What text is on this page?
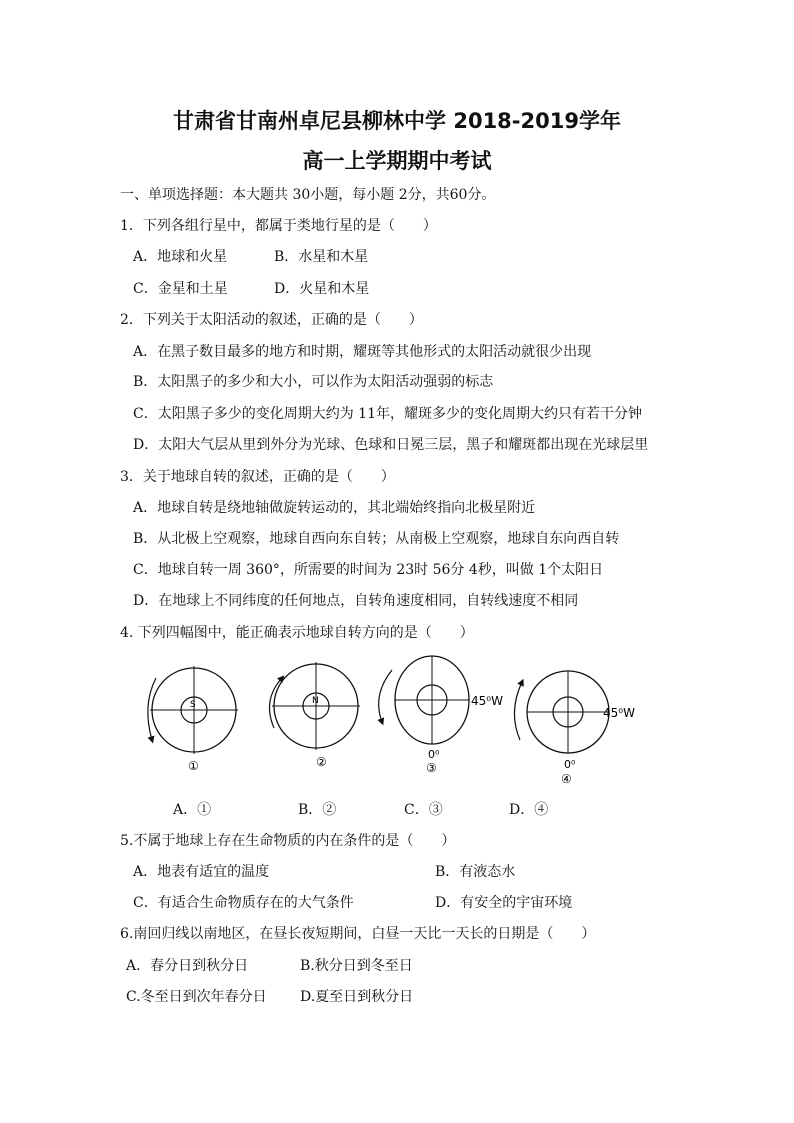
甘肃省甘南州卓尼县柳林中学 2018-2019学年
高一上学期期中考试
一、单项选择题：本大题共 30小题，每小题 2分，共60分。
1．下列各组行星中，都属于类地行星的是（　　）
A．地球和火星	B．水星和木星
C．金星和土星	D．火星和木星
2．下列关于太阳活动的叙述，正确的是（　　）
A．在黑子数目最多的地方和时期，耀斑等其他形式的太阳活动就很少出现
B．太阳黑子的多少和大小，可以作为太阳活动强弱的标志
C．太阳黑子多少的变化周期大约为 11年，耀斑多少的变化周期大约只有若干分钟
D．太阳大气层从里到外分为光球、色球和日冕三层，黑子和耀斑都出现在光球层里
3．关于地球自转的叙述，正确的是（　　）
A．地球自转是绕地轴做旋转运动的，其北端始终指向北极星附近
B．从北极上空观察，地球自西向东自转；从南极上空观察，地球自东向西自转
C．地球自转一周 360°，所需要的时间为 23时 56分 4秒，叫做 1个太阳日
D．在地球上不同纬度的任何地点，自转角速度相同，自转线速度不相同
4. 下列四幅图中，能正确表示地球自转方向的是（　　）
S
①
N
②
45⁰W
0⁰
③
45⁰W
0⁰
④
A．①	B．②	C．③	D．④
5.不属于地球上存在生命物质的内在条件的是（　　）
A．地表有适宜的温度	B．有液态水
C．有适合生命物质存在的大气条件	D．有安全的宇宙环境
6.南回归线以南地区，在昼长夜短期间，白昼一天比一天长的日期是（　　）
A．春分日到秋分日	B.秋分日到冬至日
C.冬至日到次年春分日 D.夏至日到秋分日
